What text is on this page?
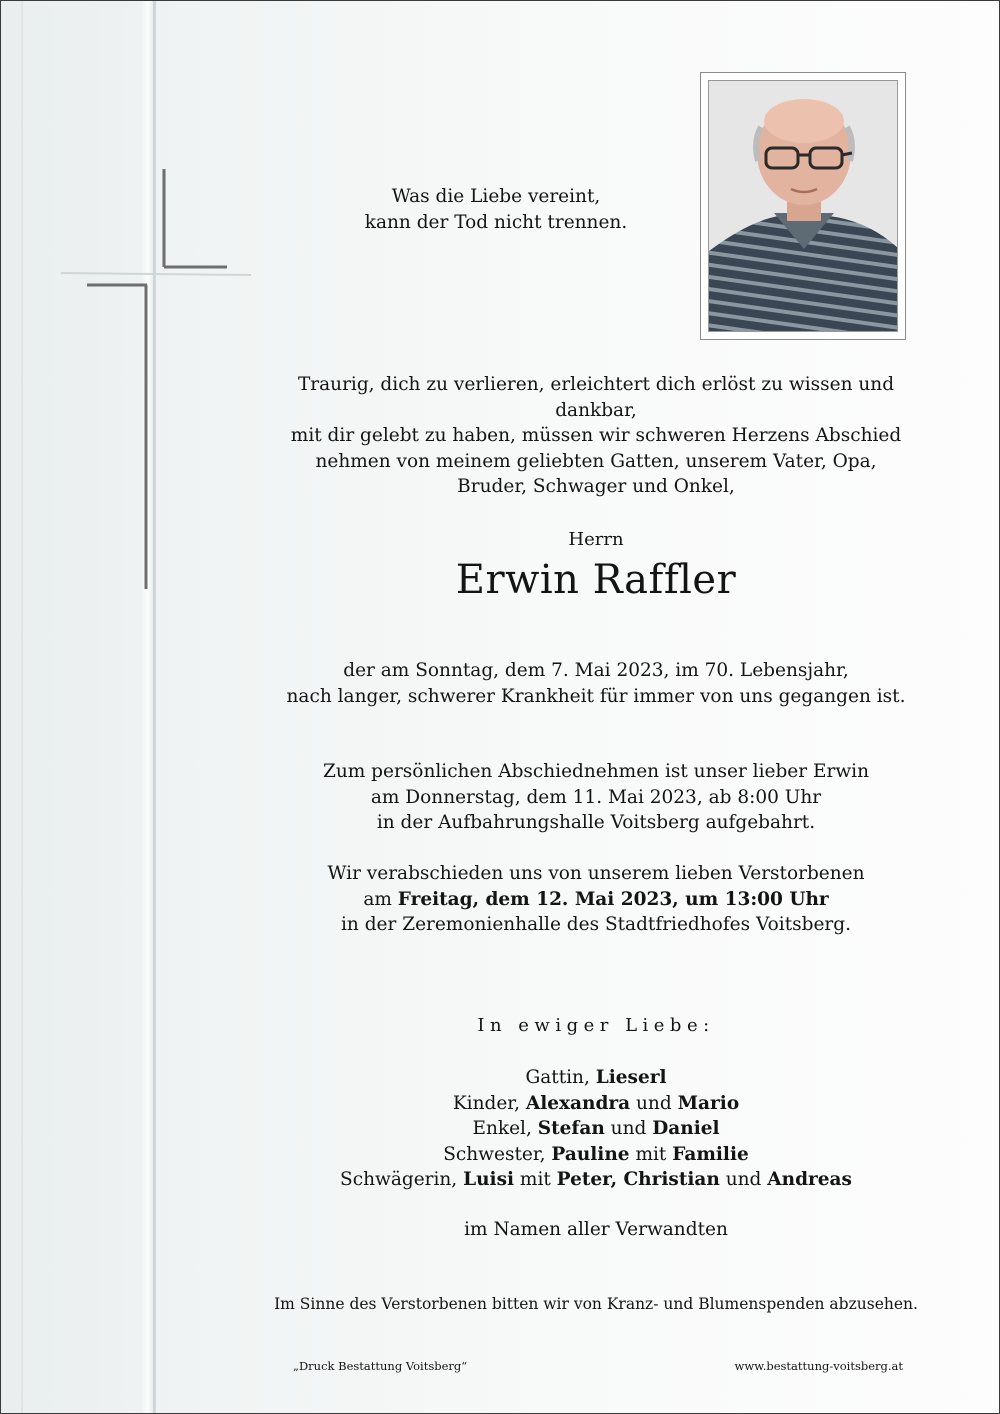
Was die Liebe vereint,
kann der Tod nicht trennen.
Traurig, dich zu verlieren, erleichtert dich erlöst zu wissen und dankbar,
mit dir gelebt zu haben, müssen wir schweren Herzens Abschied
nehmen von meinem geliebten Gatten, unserem Vater, Opa,
Bruder, Schwager und Onkel,
Herrn
Erwin Raffler
der am Sonntag, dem 7. Mai 2023, im 70. Lebensjahr,
nach langer, schwerer Krankheit für immer von uns gegangen ist.
Zum persönlichen Abschiednehmen ist unser lieber Erwin
am Donnerstag, dem 11. Mai 2023, ab 8:00 Uhr
in der Aufbahrungshalle Voitsberg aufgebahrt.
Wir verabschieden uns von unserem lieben Verstorbenen
am Freitag, dem 12. Mai 2023, um 13:00 Uhr
in der Zeremonienhalle des Stadtfriedhofes Voitsberg.
In ewiger Liebe:
Gattin, Lieserl
Kinder, Alexandra und Mario
Enkel, Stefan und Daniel
Schwester, Pauline mit Familie
Schwägerin, Luisi mit Peter, Christian und Andreas
im Namen aller Verwandten
Im Sinne des Verstorbenen bitten wir von Kranz- und Blumenspenden abzusehen.
„Druck Bestattung Voitsberg“	www.bestattung-voitsberg.at
